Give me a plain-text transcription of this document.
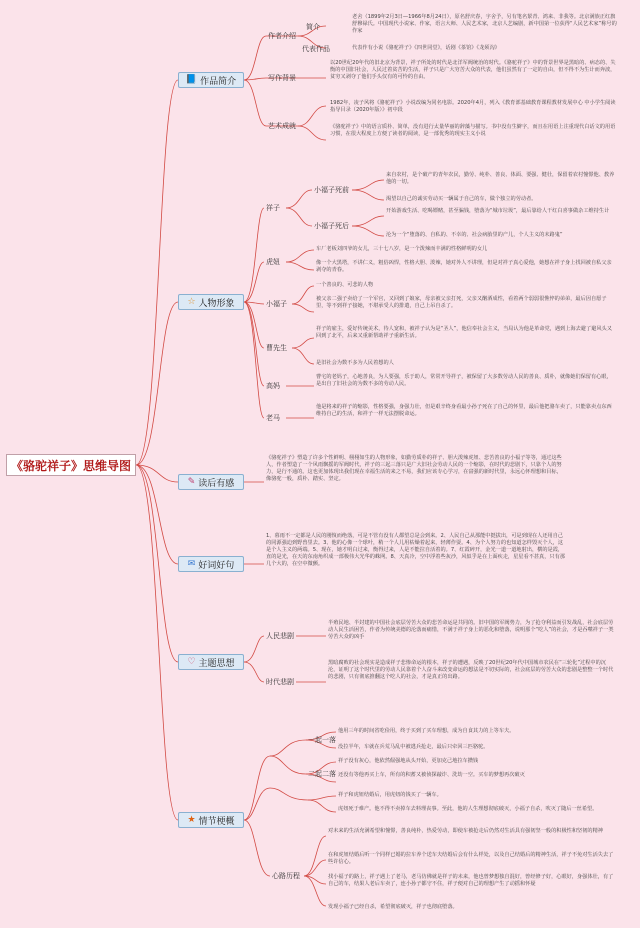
《骆驼祥子》思维导图
📘 作品简介
☆ 人物形象
✎ 读后有感
✉ 好词好句
♡ 主题思想
★ 情节梗概
作者介绍
简介
老舍（1899年2月3日—1966年8月24日），原名舒庆春，字舍予，另有笔名絜青、鸿来、非我等。北京满族正红旗舒穆禄氏。中国现代小说家、作家，语言大师、人民艺术家，北京人艺编剧，新中国第一位获得“人民艺术家”称号的作家
代表作品	代表作有小说《骆驼祥子》《四世同堂》，话剧《茶馆》《龙须沟》
写作背景
以20世纪20年代的旧北京为背景，祥子所处的时代是北洋军阀统治的时代。《骆驼祥子》中的背景世界是黑暗的、病态的、失衡的中国旧社会，人民过着贫苦的生活，祥子只是广大穷苦大众的代表，他们虽然有了一定的自由，但不得不为生计而奔波，贫穷又剥夺了他们手头仅有的可怜的自由。
艺术成就
1982年，凌子风将《骆驼祥子》小说改编为同名电影。2020年4月，列入《教育部基础教育课程教材发展中心 中小学生阅读指导目录（2020年版）》初中段
《骆驼祥子》中的语言质朴、简单，没有进行太量华丽的辞藻与描写。书中没有生僻字，而且在用语上注重现代白话文的用语习惯，在很大程度上方便了读者的阅读，是一部优秀的现实主义小说
祥子
小福子死前
来自农村，是个破产的青年农民，勤劳、纯朴、善良、体面、要强、健壮，保留着农村憧憬他、教养他的一切。
渴望以自己的诚实劳动买一辆属于自己的车，做个独立的劳动者。
小福子死后
开始游戏生活、吃喝嫖赌，甚至骗钱，堕落为“城市垃圾”，最后靠给人干红白喜事做杂工维持生计
沦为一个“堕落的、自私的、不幸的、社会病胎里的产儿，个人主义的末路鬼”
虎妞
车厂老板刘四爷的女儿，三十七八岁，是一个泼辣而丰满的性格鲜明的女儿
像一个大黑塔，不讲仁义，粗俗凶悍，性格大胆、泼辣，她对外人不讲理，但是对祥子真心爱他，她想在祥子身上找回被自私父亲剥夺的青春。
小福子
一个善良的、可悲的人物
被父亲二强子卖给了一个军官，又回到了娘家，母亲被父亲打死，父亲又酗酒成性，看着两个弱弱很憔悴的弟弟，最后因自愿子里，等不到祥子接她，不堪承受人的排遣，自己上吊自杀了。
曹先生
祥子的雇主，爱好传统美术，待人宽和，被祥子认为是“圣人”，他信奉社会主义，当局认为他是革命党，遇到上海去避了避风头又回到了北平，后来又重新帮助祥子重新生活。
是旧社会为数不多为人民着想的人
高妈
曹宅的老妈子，心地善良，为人要强，乐于助人，常常开导祥子，被保留了大多数劳动人民的善良、质朴，就像她们保留有心眼，是出自了旧社会的为数不多的劳动人民。
老马
他是将来的祥子的缩影，性格要强，身强力壮，但是艰辛终身看最小孙子死在了自己的怀里，最后他把骆车卖了，只能靠卖点东西维持自己的生活，和祥子一样无法摆脱命运。
《骆驼祥子》塑造了许多个性鲜明、栩栩如生的人物形象，如勤劳质朴的祥子、胆大泼辣虎妞、悲苦善良的小福子等等，通过这些人，作者塑造了一个风雨飘摇的军阀时代，祥子的三起三落只是广大旧社会劳动人民的一个缩影，在时代的悲剧下，只靠个人的努力，是行不通的。这也更加体现出我们现在幸福生活的来之不易，我们应该专心学习，在富强的新时代里，永远心怀理想和目标，像骆驼一般，质朴、踏实、坚定。
1、暮雨不一定都是人民的刚愎而绝落，可是不管有没有人都望总是会到来。2、人民自己从那能中挺拔出，可是到现在人还用自己的同源强迫到野兽里去。3、他的心像一个球叶，稍一个人儿用枯燥着起来，轻薄作耍。4、为个人努力的也知道怎样毁灭个人，这是个人主义的两端。5、现在，她才明白过来，衡得过来，人是不能拉自活着的。7、红霞碎开，金光一道一道地射出，横的是霞，直的是光，在天的东南角织成一部极伟大光华的蛛网。8、天真冷，空中浮着些灰沙，风似乎是在上面疾走，星星看不甚真，只有那几个大的，在空中微颤。
人民悲剧
半殖民地、半封建的中国社会底层劳苦大众的悲苦命运是共同的。旧中国的军阀势力，为了抢夺利益而引发战乱，社会底层劳动人民生活困苦，作者为传统美德的沦落而痛惜，不满于祥子身上的恶化和堕落，说明那个“吃人”的社会，才是吞噬祥子一类劳苦大众的凶手
时代悲剧
黑暗腐败的社会现实是造成祥子悲惨命运的根本，祥子的遭遇，反映了20世纪20年代中国城市农民在“三轮化”过程中的沉沦，证明了这个时代里的劳动人民靠着个人奋斗来改变命运的想法是不切实际的，社会底层的劳苦大众的悲剧是整整一个时代的悲剧，只有彻底推翻这个吃人的社会，才是真正的出路。
一起一落
他用三年的时间省吃俭用，终于买到了买车理想，成为自食其力的上等车夫。
没拉半年，车就在兵荒马乱中被逃兵抢走，最后只牵回三匹骆驼。
二起二落
祥子没有灰心，他依然倔强地从头开始，更加克己地拉车攒钱
还没有等他再买上车，所有的积蓄又被侦探敲诈、洗劫一空。买车的梦想再次破灭
祥子和虎妞结婚后，用虎妞的钱买了一辆车。
虎妞死于难产。他不得不卖掉车去料理丧事。至此，他的人生理想彻底破灭，小福子自杀，吹灭了随后一丝希望。
心路历程
对未来的生活充满希望和憧憬，善良纯朴，热爱劳动，即使车被抢走后仍然对生活具有强韧坚一般的积极性和坚韧的精神
在和虎妞结婚后听一个同样已婚的拉车养个送车夫结婚后会有什么样处，以及自己结婚后的精神生活，祥子不免对生活失去了些许信心。
找小福子的路上，祥子遇上了老马，老马仿佛就是祥子的未来，他也曾梦想独自混好，曾经修子好，心眼好，身强体壮，有了自己的车，结果人老后车卖了，连小孙子都守不住，祥子便对自己的理想产生了动摇和怀疑
发现小福子已经自杀，希望彻底破灭，祥子也彻底堕落。
